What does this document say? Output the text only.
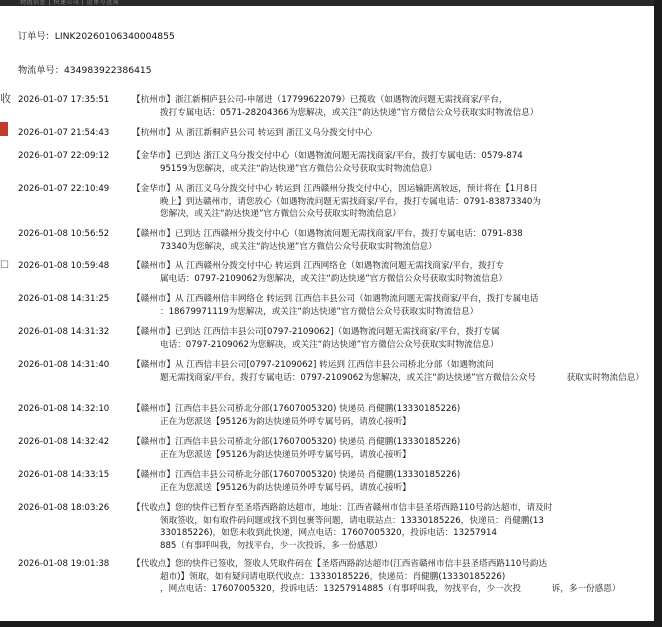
物流信息 | 快递公司 | 运单号查询
收
☐
订单号：LINK20260106340004855
物流单号：434983922386415
2026-01-07 17:35:51	【杭州市】浙江新桐庐县公司-申屠进（17799622079）已揽收（如遇物流问题无需找商家/平台，
拨打专属电话：0571-28204366为您解决，或关注“韵达快递”官方微信公众号获取实时物流信息）
2026-01-07 21:54:43	【杭州市】从 浙江新桐庐县公司 转运到 浙江义乌分拨交付中心
2026-01-07 22:09:12	【金华市】已到达 浙江义乌分拨交付中心（如遇物流问题无需找商家/平台，拨打专属电话：0579-874
95159为您解决，或关注“韵达快递”官方微信公众号获取实时物流信息）
2026-01-07 22:10:49	【金华市】从 浙江义乌分拨交付中心 转运到 江西赣州分拨交付中心，因运输距离较远，预计将在【1月8日
晚上】到达赣州市，请您放心（如遇物流问题无需找商家/平台，拨打专属电话：0791-83873340为 您解决，或关注“韵达快递”官方微信公众号获取实时物流信息）
2026-01-08 10:56:52	【赣州市】已到达 江西赣州分拨交付中心（如遇物流问题无需找商家/平台，拨打专属电话：0791-838
73340为您解决，或关注“韵达快递”官方微信公众号获取实时物流信息）
2026-01-08 10:59:48	【赣州市】从 江西赣州分拨交付中心 转运到 江西网络仓（如遇物流问题无需找商家/平台，拨打专
属电话：0797-2109062为您解决，或关注“韵达快递”官方微信公众号获取实时物流信息）
2026-01-08 14:31:25	【赣州市】从 江西赣州信丰网络仓 转运到 江西信丰县公司（如遇物流问题无需找商家/平台，拨打专属电话
：18679971119为您解决，或关注“韵达快递”官方微信公众号获取实时物流信息）
2026-01-08 14:31:32	【赣州市】已到达 江西信丰县公司[0797-2109062]（如遇物流问题无需找商家/平台，拨打专属
电话：0797-2109062为您解决，或关注“韵达快递”官方微信公众号获取实时物流信息）
2026-01-08 14:31:40	【赣州市】从 江西信丰县公司[0797-2109062] 转运到 江西信丰县公司桥北分部（如遇物流问
题无需找商家/平台，拨打专属电话：0797-2109062为您解决，或关注“韵达快递”官方微信公众号	获取实时物流信息）
2026-01-08 14:32:10	【赣州市】江西信丰县公司桥北分部(17607005320) 快递员 肖健鹏(13330185226)
正在为您派送【95126为韵达快递员外呼专属号码，请放心接听】
2026-01-08 14:32:42	【赣州市】江西信丰县公司桥北分部(17607005320) 快递员 肖健鹏(13330185226)
正在为您派送【95126为韵达快递员外呼专属号码，请放心接听】
2026-01-08 14:33:15	【赣州市】江西信丰县公司桥北分部(17607005320) 快递员 肖健鹏(13330185226)
正在为您派送【95126为韵达快递员外呼专属号码，请放心接听】
2026-01-08 18:03:26	【代收点】您的快件已暂存至圣塔西路韵达超市，地址：江西省赣州市信丰县圣塔西路110号韵达超市，请及时
领取签收，如有取件码问题或找不到包裹等问题，请电联站点：13330185226，快递员：肖健鹏(13 330185226)，如您未收到此快递，网点电话：17607005320，投诉电话：13257914 885（有事呼叫我，勿找平台，少一次投诉，多一份感恩）
2026-01-08 19:01:38	【代收点】您的快件已签收，签收人凭取件码在【圣塔西路韵达超市(江西省赣州市信丰县圣塔西路110号韵达
超市)】领取，如有疑问请电联代收点：13330185226，快递员：肖健鹏(13330185226) ，网点电话：17607005320，投诉电话：13257914885（有事呼叫我，勿找平台，少一次投	诉，多一份感恩）
